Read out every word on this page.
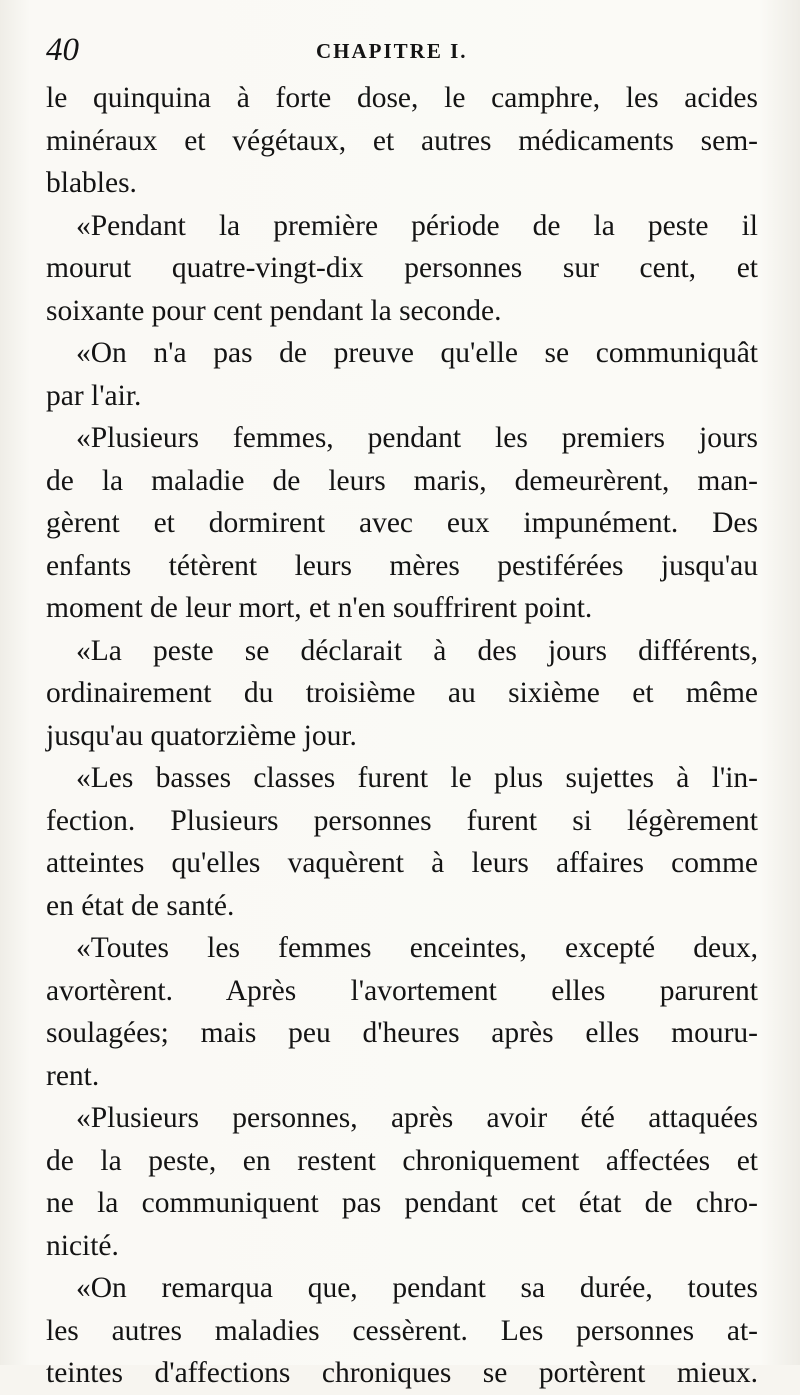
40	CHAPITRE I.
le quinquina à forte dose, le camphre, les acides
minéraux et végétaux, et autres médicaments sem-
blables.
«Pendant la première période de la peste il
mourut quatre-vingt-dix personnes sur cent, et
soixante pour cent pendant la seconde.
«On n'a pas de preuve qu'elle se communiquât
par l'air.
«Plusieurs femmes, pendant les premiers jours
de la maladie de leurs maris, demeurèrent, man-
gèrent et dormirent avec eux impunément. Des
enfants tétèrent leurs mères pestiférées jusqu'au
moment de leur mort, et n'en souffrirent point.
«La peste se déclarait à des jours différents,
ordinairement du troisième au sixième et même
jusqu'au quatorzième jour.
«Les basses classes furent le plus sujettes à l'in-
fection. Plusieurs personnes furent si légèrement
atteintes qu'elles vaquèrent à leurs affaires comme
en état de santé.
«Toutes les femmes enceintes, excepté deux,
avortèrent. Après l'avortement elles parurent
soulagées; mais peu d'heures après elles mouru-
rent.
«Plusieurs personnes, après avoir été attaquées
de la peste, en restent chroniquement affectées et
ne la communiquent pas pendant cet état de chro-
nicité.
«On remarqua que, pendant sa durée, toutes
les autres maladies cessèrent. Les personnes at-
teintes d'affections chroniques se portèrent mieux.
